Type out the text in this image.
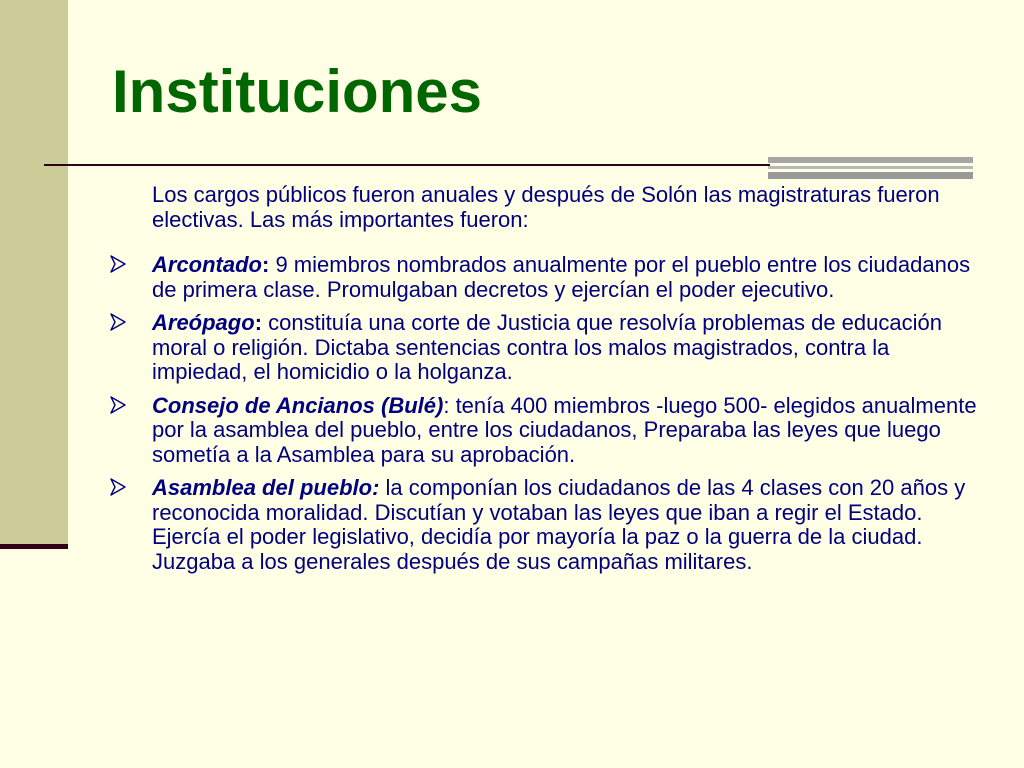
Instituciones

Los cargos públicos fueron anuales y después de Solón las magistraturas fueron electivas. Las más importantes fueron:

Arcontado: 9 miembros nombrados anualmente por el pueblo entre los ciudadanos de primera clase. Promulgaban decretos y ejercían el poder ejecutivo.
Areópago: constituía una corte de Justicia que resolvía problemas de educación moral o religión. Dictaba sentencias contra los malos magistrados, contra la impiedad, el homicidio o la holganza.
Consejo de Ancianos (Bulé): tenía 400 miembros -luego 500- elegidos anualmente por la asamblea del pueblo, entre los ciudadanos, Preparaba las leyes que luego sometía a la Asamblea para su aprobación.
Asamblea del pueblo: la componían los ciudadanos de las 4 clases con 20 años y reconocida moralidad. Discutían y votaban las leyes que iban a regir el Estado. Ejercía el poder legislativo, decidía por mayoría la paz o la guerra de la ciudad. Juzgaba a los generales después de sus campañas militares.
